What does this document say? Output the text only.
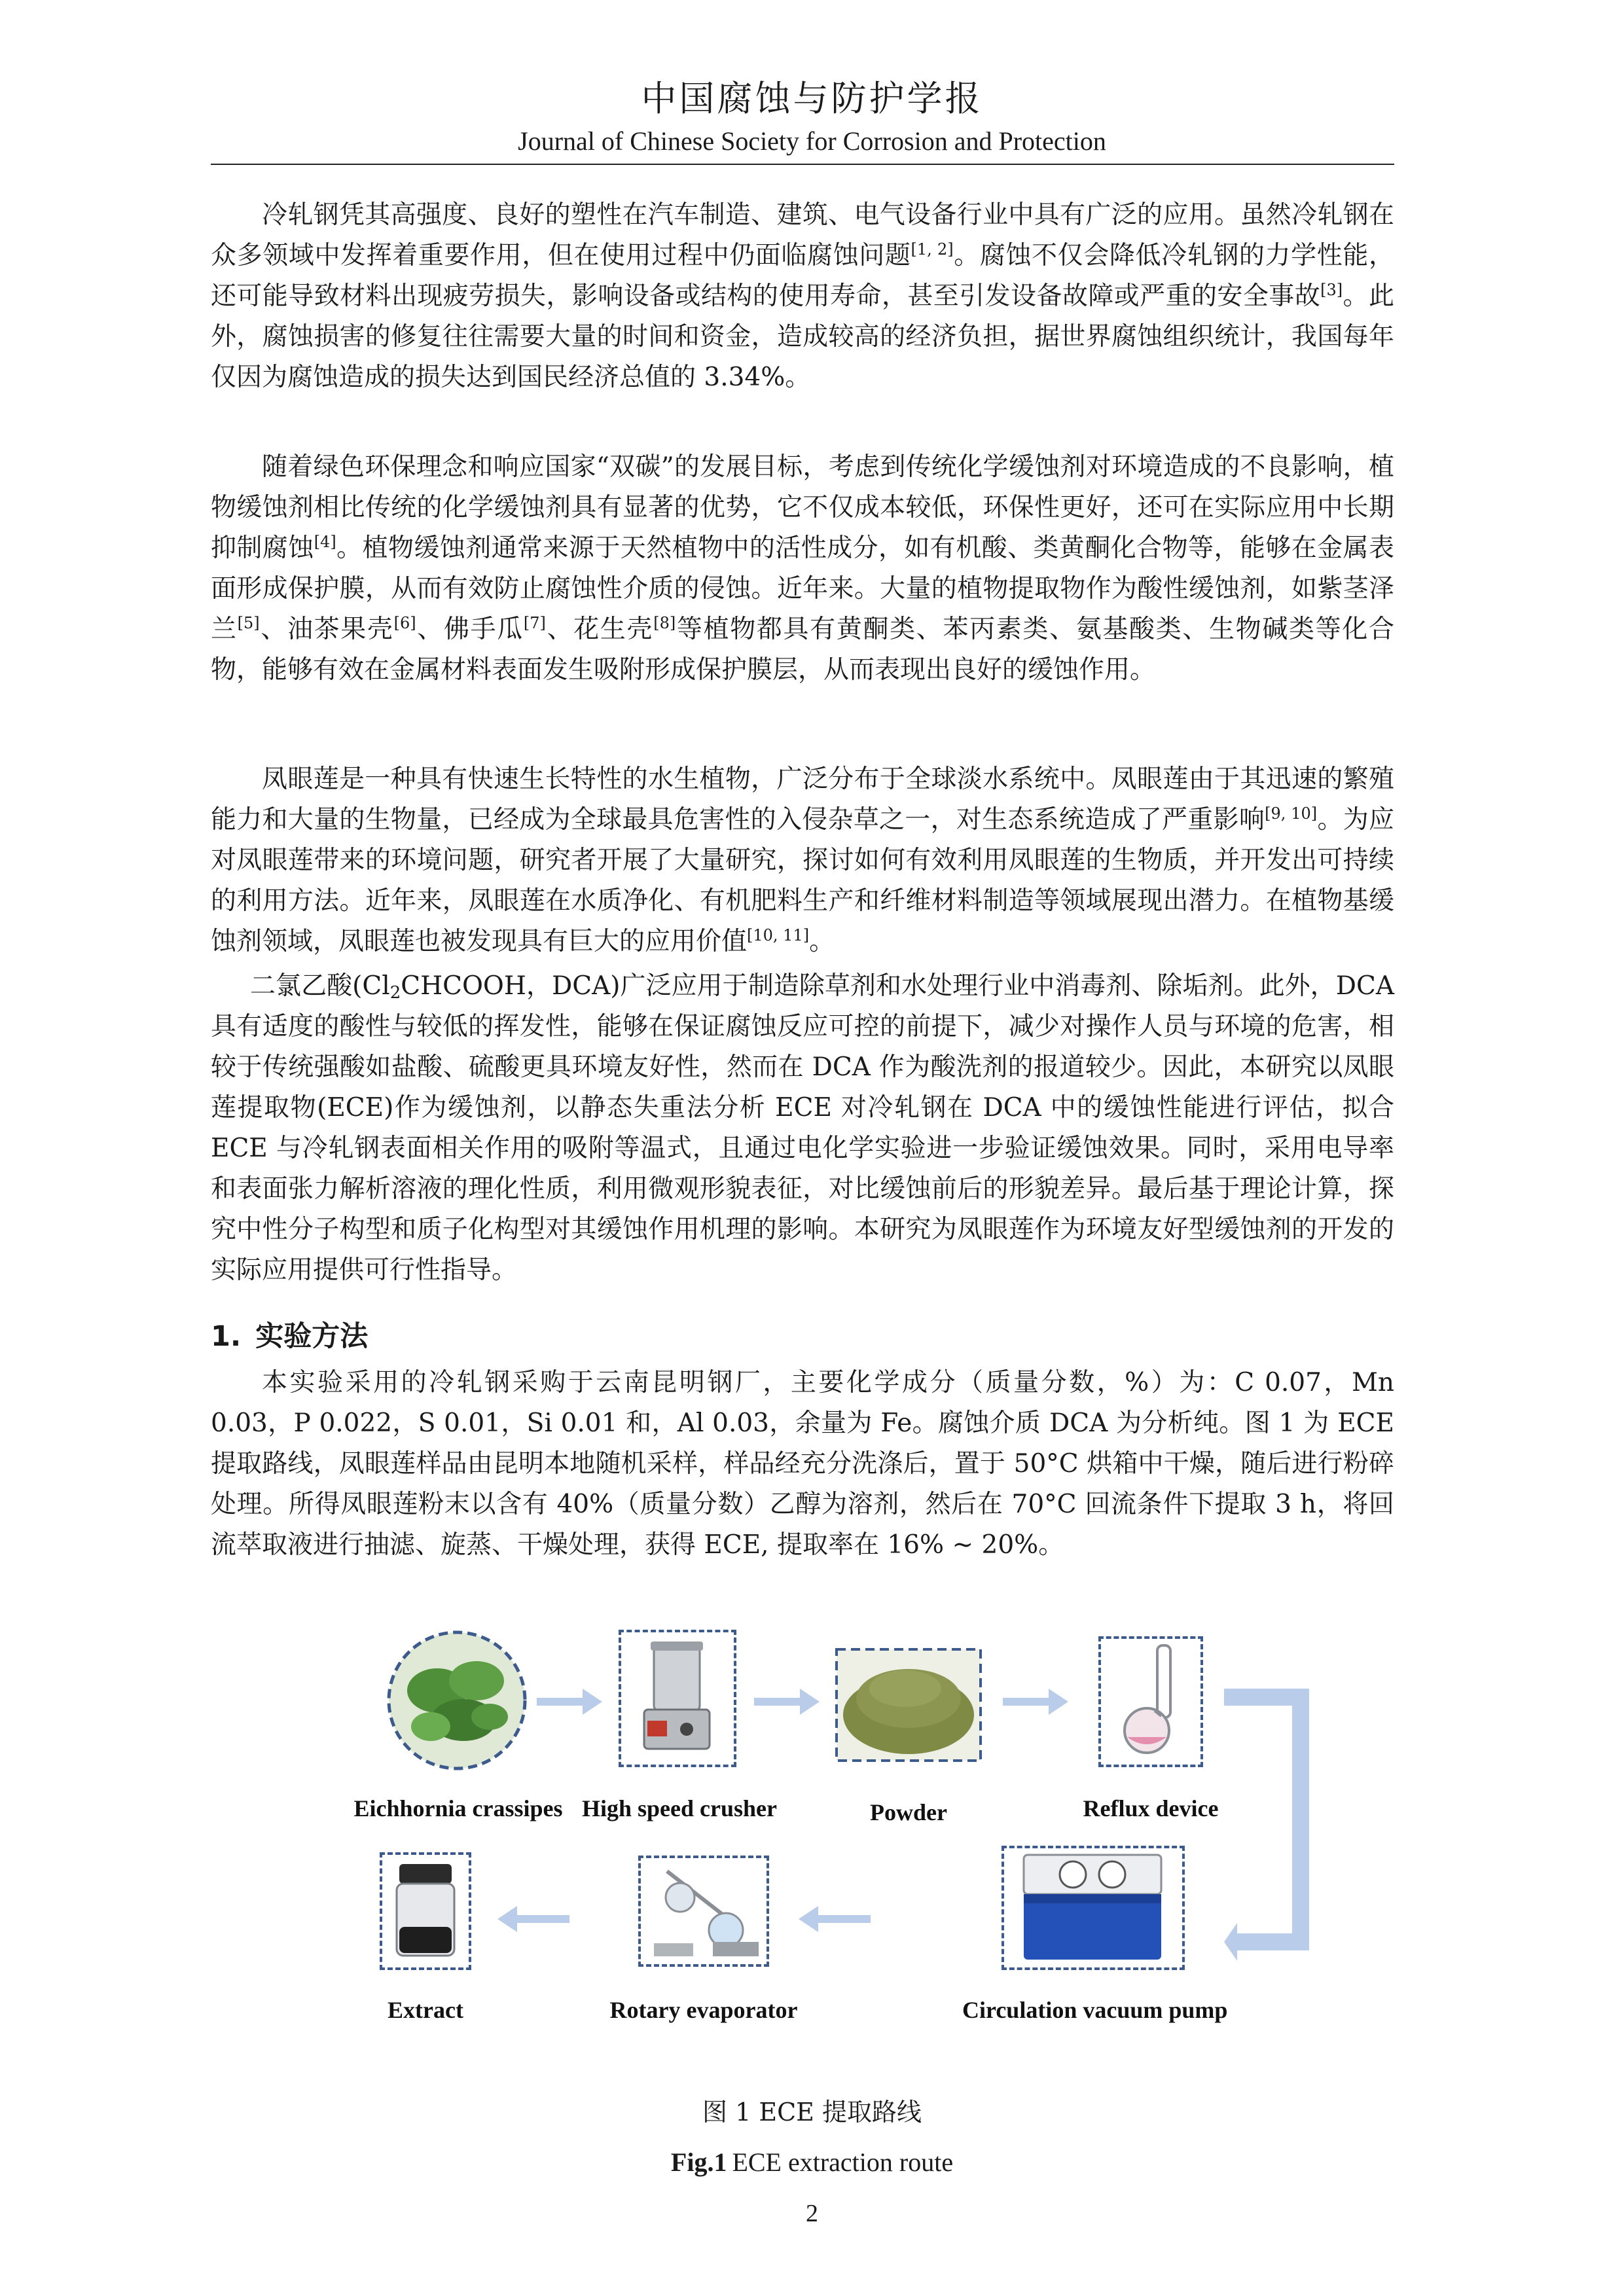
中国腐蚀与防护学报
Journal of Chinese Society for Corrosion and Protection

冷轧钢凭其高强度、良好的塑性在汽车制造、建筑、电气设备行业中具有广泛的应用。虽然冷轧钢在众多领域中发挥着重要作用，但在使用过程中仍面临腐蚀问题[1, 2]。腐蚀不仅会降低冷轧钢的力学性能，还可能导致材料出现疲劳损失，影响设备或结构的使用寿命，甚至引发设备故障或严重的安全事故[3]。此外，腐蚀损害的修复往往需要大量的时间和资金，造成较高的经济负担，据世界腐蚀组织统计，我国每年仅因为腐蚀造成的损失达到国民经济总值的 3.34%。

随着绿色环保理念和响应国家“双碳”的发展目标，考虑到传统化学缓蚀剂对环境造成的不良影响，植物缓蚀剂相比传统的化学缓蚀剂具有显著的优势，它不仅成本较低，环保性更好，还可在实际应用中长期抑制腐蚀[4]。植物缓蚀剂通常来源于天然植物中的活性成分，如有机酸、类黄酮化合物等，能够在金属表面形成保护膜，从而有效防止腐蚀性介质的侵蚀。近年来。大量的植物提取物作为酸性缓蚀剂，如紫茎泽兰[5]、油茶果壳[6]、佛手瓜[7]、花生壳[8]等植物都具有黄酮类、苯丙素类、氨基酸类、生物碱类等化合物，能够有效在金属材料表面发生吸附形成保护膜层，从而表现出良好的缓蚀作用。

凤眼莲是一种具有快速生长特性的水生植物，广泛分布于全球淡水系统中。凤眼莲由于其迅速的繁殖能力和大量的生物量，已经成为全球最具危害性的入侵杂草之一，对生态系统造成了严重影响[9, 10]。为应对凤眼莲带来的环境问题，研究者开展了大量研究，探讨如何有效利用凤眼莲的生物质，并开发出可持续的利用方法。近年来，凤眼莲在水质净化、有机肥料生产和纤维材料制造等领域展现出潜力。在植物基缓蚀剂领域，凤眼莲也被发现具有巨大的应用价值[10, 11]。

二氯乙酸($Cl_2CHCOOH$，DCA)广泛应用于制造除草剂和水处理行业中消毒剂、除垢剂。此外，DCA 具有适度的酸性与较低的挥发性，能够在保证腐蚀反应可控的前提下，减少对操作人员与环境的危害，相较于传统强酸如盐酸、硫酸更具环境友好性，然而在 DCA 作为酸洗剂的报道较少。因此，本研究以凤眼莲提取物(ECE)作为缓蚀剂，以静态失重法分析 ECE 对冷轧钢在 DCA 中的缓蚀性能进行评估，拟合 ECE 与冷轧钢表面相关作用的吸附等温式，且通过电化学实验进一步验证缓蚀效果。同时，采用电导率和表面张力解析溶液的理化性质，利用微观形貌表征，对比缓蚀前后的形貌差异。最后基于理论计算，探究中性分子构型和质子化构型对其缓蚀作用机理的影响。本研究为凤眼莲作为环境友好型缓蚀剂的开发的实际应用提供可行性指导。

1. 实验方法

本实验采用的冷轧钢采购于云南昆明钢厂，主要化学成分（质量分数，%）为：C 0.07，Mn 0.03，P 0.022，S 0.01，Si 0.01 和，Al 0.03，余量为 Fe。腐蚀介质 DCA 为分析纯。图 1 为 ECE 提取路线，凤眼莲样品由昆明本地随机采样，样品经充分洗涤后，置于 50°C 烘箱中干燥，随后进行粉碎处理。所得凤眼莲粉末以含有 40%（质量分数）乙醇为溶剂，然后在 70°C 回流条件下提取 3 h，将回流萃取液进行抽滤、旋蒸、干燥处理，获得 ECE, 提取率在 16% ~ 20%。

Eichhornia crassipes High speed crusher	Powder	Reflux device
Extract	Rotary evaporator	Circulation vacuum pump
图 1 ECE 提取路线
Fig.1 ECE extraction route
2
